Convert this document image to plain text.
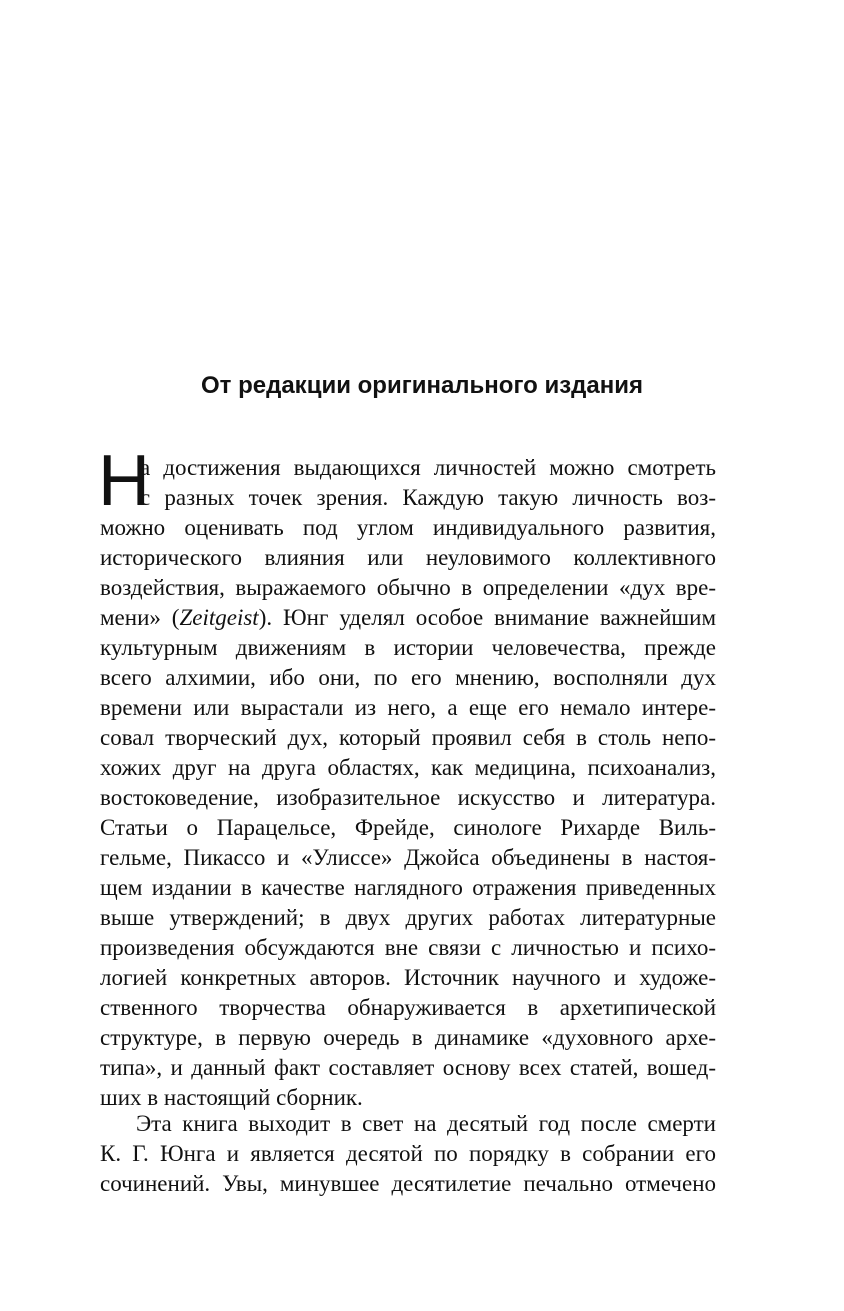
От редакции оригинального издания
Н
а достижения выдающихся личностей можно смотреть
с разных точек зрения. Каждую такую личность воз-
можно оценивать под углом индивидуального развития,
исторического влияния или неуловимого коллективного
воздействия, выражаемого обычно в определении «дух вре-
мени» (Zeitgeist). Юнг уделял особое внимание важнейшим
культурным движениям в истории человечества, прежде
всего алхимии, ибо они, по его мнению, восполняли дух
времени или вырастали из него, а еще его немало интере-
совал творческий дух, который проявил себя в столь непо-
хожих друг на друга областях, как медицина, психоанализ,
востоковедение, изобразительное искусство и литература.
Статьи о Парацельсе, Фрейде, синологе Рихарде Виль-
гельме, Пикассо и «Улиссе» Джойса объединены в настоя-
щем издании в качестве наглядного отражения приведенных
выше утверждений; в двух других работах литературные
произведения обсуждаются вне связи с личностью и психо-
логией конкретных авторов. Источник научного и художе-
ственного творчества обнаруживается в архетипической
структуре, в первую очередь в динамике «духовного архе-
типа», и данный факт составляет основу всех статей, вошед-
ших в настоящий сборник.
Эта книга выходит в свет на десятый год после смерти
К. Г. Юнга и является десятой по порядку в собрании его
сочинений. Увы, минувшее десятилетие печально отмечено
